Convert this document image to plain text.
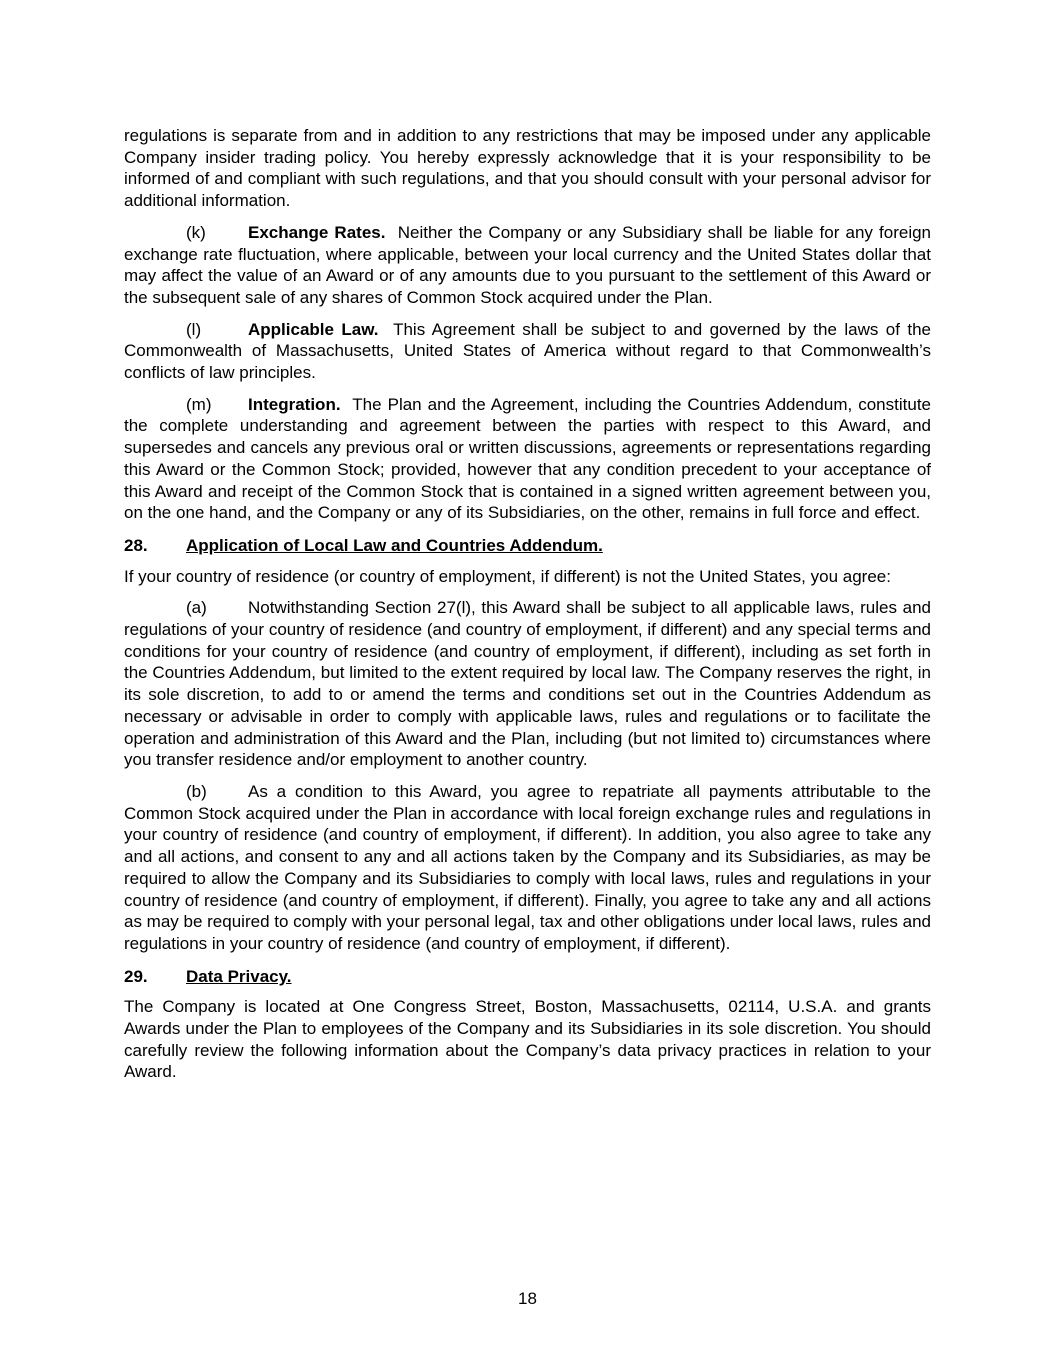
regulations is separate from and in addition to any restrictions that may be imposed under any applicable Company insider trading policy. You hereby expressly acknowledge that it is your responsibility to be informed of and compliant with such regulations, and that you should consult with your personal advisor for additional information.

(k) Exchange Rates. Neither the Company or any Subsidiary shall be liable for any foreign exchange rate fluctuation, where applicable, between your local currency and the United States dollar that may affect the value of an Award or of any amounts due to you pursuant to the settlement of this Award or the subsequent sale of any shares of Common Stock acquired under the Plan.

(l)	Applicable Law. This Agreement shall be subject to and governed by the laws of the Commonwealth of Massachusetts, United States of America without regard to that Commonwealth’s conflicts of law principles.

(m) Integration. The Plan and the Agreement, including the Countries Addendum, constitute the complete understanding and agreement between the parties with respect to this Award, and supersedes and cancels any previous oral or written discussions, agreements or representations regarding this Award or the Common Stock; provided, however that any condition precedent to your acceptance of this Award and receipt of the Common Stock that is contained in a signed written agreement between you, on the one hand, and the Company or any of its Subsidiaries, on the other, remains in full force and effect.

28. Application of Local Law and Countries Addendum.

If your country of residence (or country of employment, if different) is not the United States, you agree:

(a) Notwithstanding Section 27(l), this Award shall be subject to all applicable laws, rules and regulations of your country of residence (and country of employment, if different) and any special terms and conditions for your country of residence (and country of employment, if different), including as set forth in the Countries Addendum, but limited to the extent required by local law. The Company reserves the right, in its sole discretion, to add to or amend the terms and conditions set out in the Countries Addendum as necessary or advisable in order to comply with applicable laws, rules and regulations or to facilitate the operation and administration of this Award and the Plan, including (but not limited to) circumstances where you transfer residence and/or employment to another country.

(b) As a condition to this Award, you agree to repatriate all payments attributable to the Common Stock acquired under the Plan in accordance with local foreign exchange rules and regulations in your country of residence (and country of employment, if different). In addition, you also agree to take any and all actions, and consent to any and all actions taken by the Company and its Subsidiaries, as may be required to allow the Company and its Subsidiaries to comply with local laws, rules and regulations in your country of residence (and country of employment, if different). Finally, you agree to take any and all actions as may be required to comply with your personal legal, tax and other obligations under local laws, rules and regulations in your country of residence (and country of employment, if different).

29. Data Privacy.

The Company is located at One Congress Street, Boston, Massachusetts, 02114, U.S.A. and grants Awards under the Plan to employees of the Company and its Subsidiaries in its sole discretion. You should carefully review the following information about the Company’s data privacy practices in relation to your Award.

18
